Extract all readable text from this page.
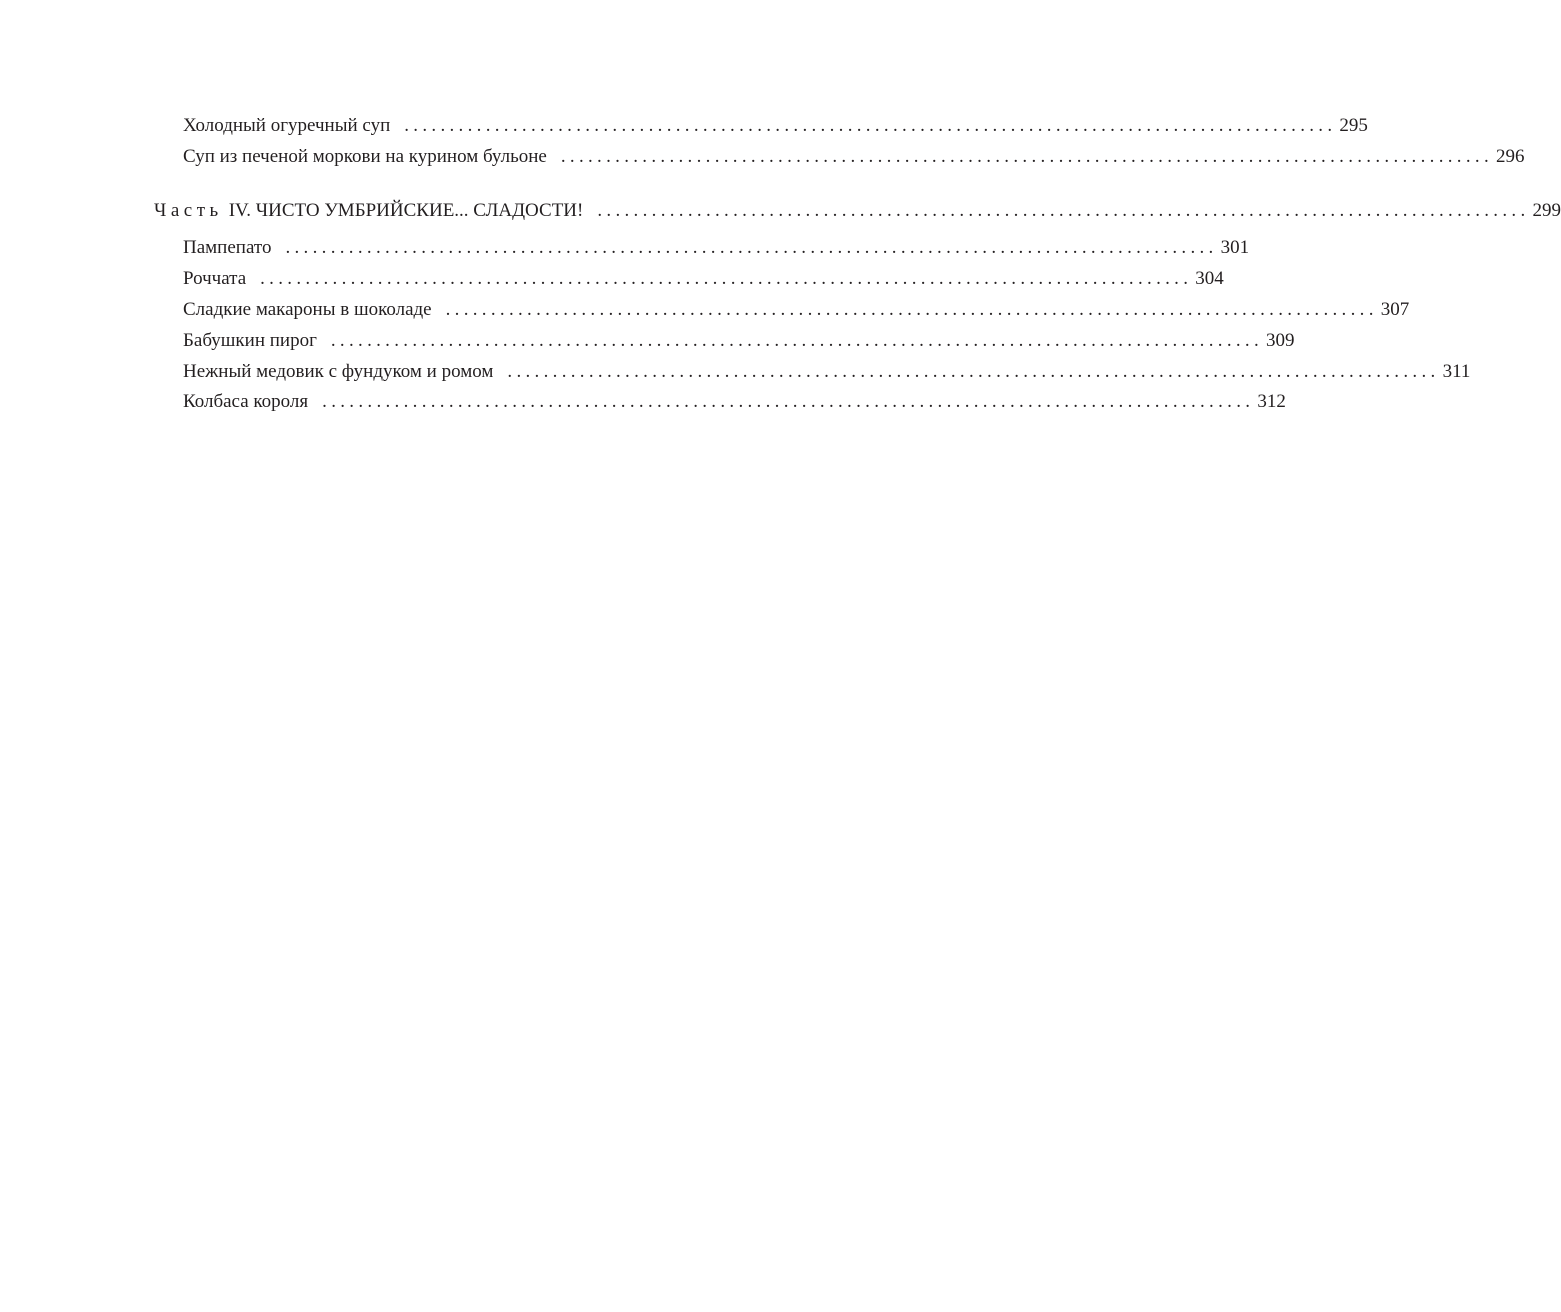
Холодный огуречный суп ....................................................................................................... 295
Суп из печеной моркови на курином бульоне ....................................................................................................... 296
Часть IV. ЧИСТО УМБРИЙСКИЕ... СЛАДОСТИ! ....................................................................................................... 299
Пампепато ....................................................................................................... 301
Роччата ....................................................................................................... 304
Сладкие макароны в шоколаде ....................................................................................................... 307
Бабушкин пирог ....................................................................................................... 309
Нежный медовик с фундуком и ромом ....................................................................................................... 311
Колбаса короля ....................................................................................................... 312
